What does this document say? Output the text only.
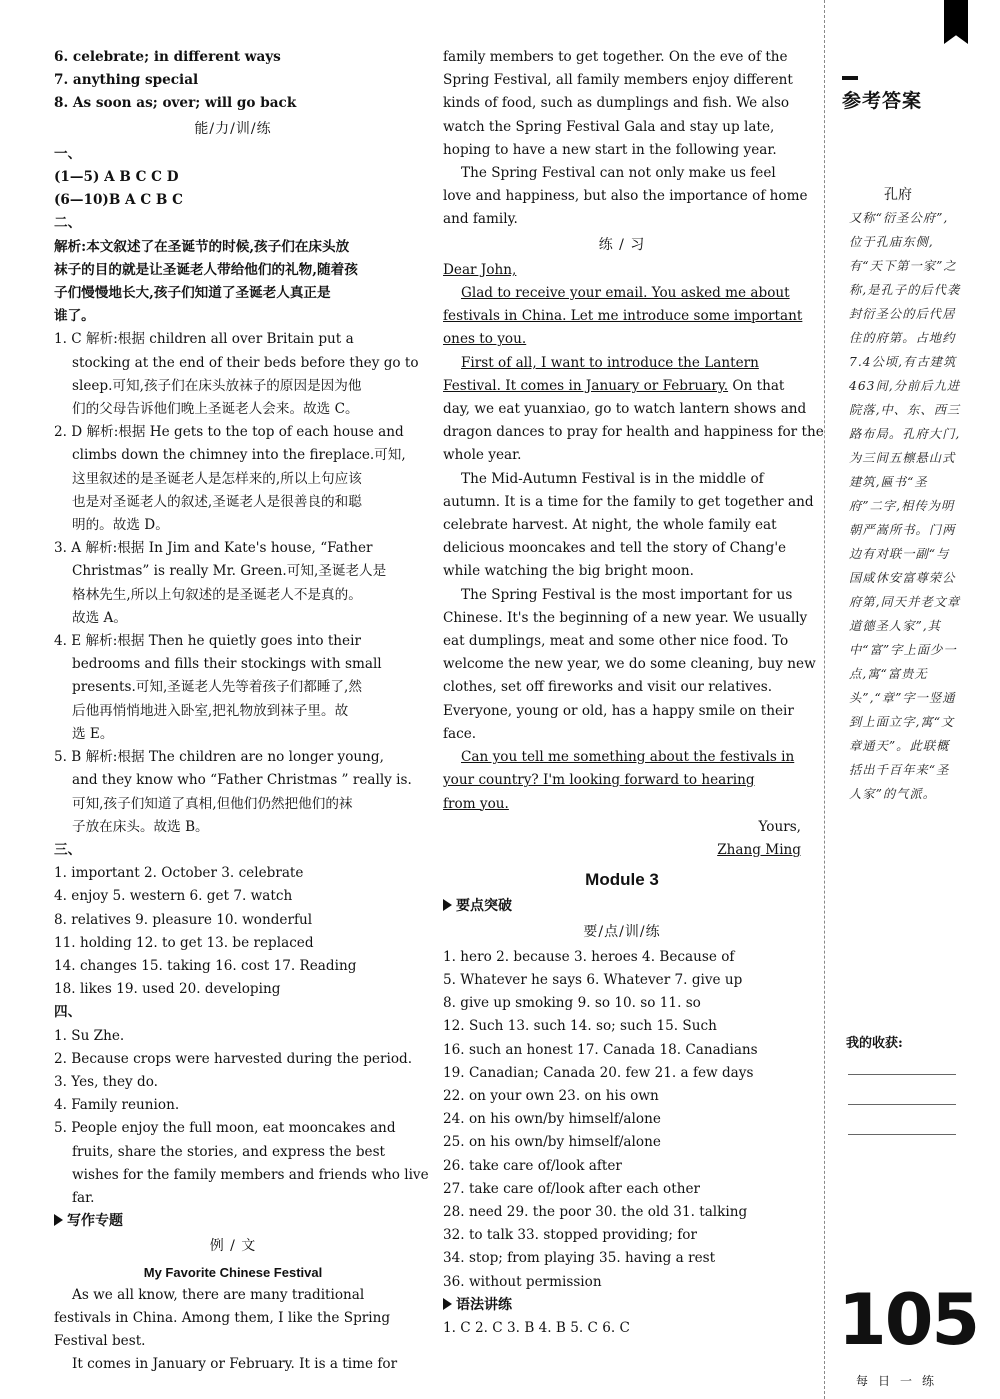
6. celebrate; in different ways
7. anything special
8. As soon as; over; will go back
能/力/训/练
一、
(1—5) A B C C D
(6—10)B A C B C
二、
解析:本文叙述了在圣诞节的时候,孩子们在床头放
袜子的目的就是让圣诞老人带给他们的礼物,随着孩
子们慢慢地长大,孩子们知道了圣诞老人真正是
谁了。
1. C 解析:根据 children all over Britain put a
stocking at the end of their beds before they go to
sleep.可知,孩子们在床头放袜子的原因是因为他
们的父母告诉他们晚上圣诞老人会来。故选 C。
2. D 解析:根据 He gets to the top of each house and
climbs down the chimney into the fireplace.可知,
这里叙述的是圣诞老人是怎样来的,所以上句应该
也是对圣诞老人的叙述,圣诞老人是很善良的和聪
明的。故选 D。
3. A 解析:根据 In Jim and Kate's house, “Father
Christmas” is really Mr. Green.可知,圣诞老人是
格林先生,所以上句叙述的是圣诞老人不是真的。
故选 A。
4. E 解析:根据 Then he quietly goes into their
bedrooms and fills their stockings with small
presents.可知,圣诞老人先等着孩子们都睡了,然
后他再悄悄地进入卧室,把礼物放到袜子里。故
选 E。
5. B 解析:根据 The children are no longer young,
and they know who “Father Christmas ” really is.
可知,孩子们知道了真相,但他们仍然把他们的袜
子放在床头。故选 B。
三、
1. important 2. October 3. celebrate
4. enjoy 5. western 6. get 7. watch
8. relatives 9. pleasure 10. wonderful
11. holding 12. to get 13. be replaced
14. changes 15. taking 16. cost 17. Reading
18. likes 19. used 20. developing
四、
1. Su Zhe.
2. Because crops were harvested during the period.
3. Yes, they do.
4. Family reunion.
5. People enjoy the full moon, eat mooncakes and
fruits, share the stories, and express the best
wishes for the family members and friends who live
far.
写作专题
例 / 文
My Favorite Chinese Festival
As we all know, there are many traditional
festivals in China. Among them, I like the Spring
Festival best.
It comes in January or February. It is a time for
family members to get together. On the eve of the
Spring Festival, all family members enjoy different
kinds of food, such as dumplings and fish. We also
watch the Spring Festival Gala and stay up late,
hoping to have a new start in the following year.
The Spring Festival can not only make us feel
love and happiness, but also the importance of home
and family.
练 / 习
Dear John,
Glad to receive your email. You asked me about
festivals in China. Let me introduce some important
ones to you.
First of all, I want to introduce the Lantern
Festival. It comes in January or February. On that
day, we eat yuanxiao, go to watch lantern shows and
dragon dances to pray for health and happiness for the
whole year.
The Mid-Autumn Festival is in the middle of
autumn. It is a time for the family to get together and
celebrate harvest. At night, the whole family eat
delicious mooncakes and tell the story of Chang'e
while watching the big bright moon.
The Spring Festival is the most important for us
Chinese. It's the beginning of a new year. We usually
eat dumplings, meat and some other nice food. To
welcome the new year, we do some cleaning, buy new
clothes, set off fireworks and visit our relatives.
Everyone, young or old, has a happy smile on their
face.
Can you tell me something about the festivals in
your country? I'm looking forward to hearing
from you.
Yours,
Zhang Ming
Module 3
要点突破
要/点/训/练
1. hero 2. because 3. heroes 4. Because of
5. Whatever he says 6. Whatever 7. give up
8. give up smoking 9. so 10. so 11. so
12. Such 13. such 14. so; such 15. Such
16. such an honest 17. Canada 18. Canadians
19. Canadian; Canada 20. few 21. a few days
22. on your own 23. on his own
24. on his own/by himself/alone
25. on his own/by himself/alone
26. take care of/look after
27. take care of/look after each other
28. need 29. the poor 30. the old 31. talking
32. to talk 33. stopped providing; for
34. stop; from playing 35. having a rest
36. without permission
语法讲练
1. C 2. C 3. B 4. B 5. C 6. C
参考答案
孔府
又称“衍圣公府”,位于孔庙东侧,有“天下第一家”之称,是孔子的后代袭封衍圣公的后代居住的府第。占地约7.4公顷,有古建筑463间,分前后九进院落,中、东、西三路布局。孔府大门,为三间五檩悬山式建筑,匾书“圣府”二字,相传为明朝严嵩所书。门两边有对联一副“与国咸休安富尊荣公府第,同天并老文章道德圣人家”,其中“富”字上面少一点,寓“富贵无头”,“章”字一竖通到上面立字,寓“文章通天”。此联概括出千百年来“圣人家”的气派。
我的收获:
105
每日一练
